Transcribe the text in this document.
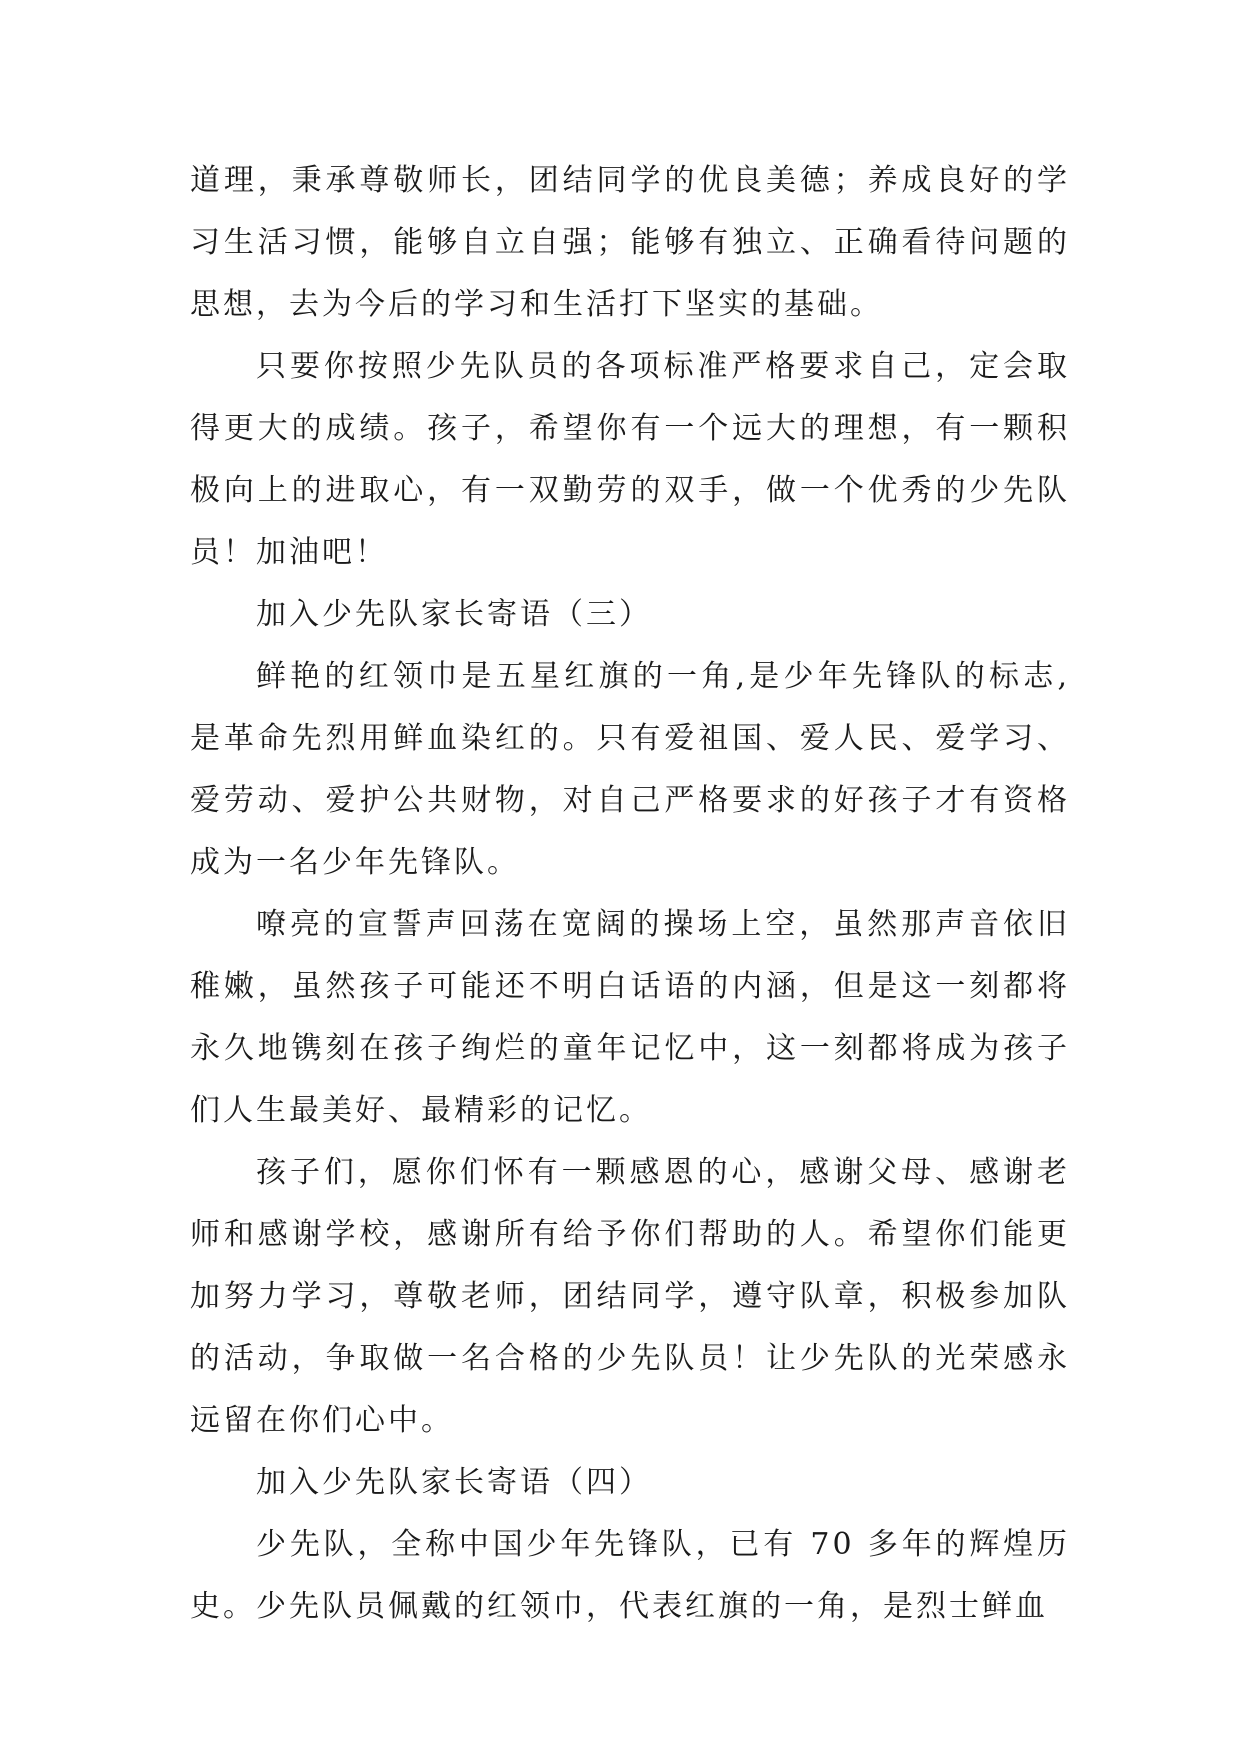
道理，秉承尊敬师长，团结同学的优良美德；养成良好的学习生活习惯，能够自立自强；能够有独立、正确看待问题的思想，去为今后的学习和生活打下坚实的基础。

只要你按照少先队员的各项标准严格要求自己，定会取得更大的成绩。孩子，希望你有一个远大的理想，有一颗积极向上的进取心，有一双勤劳的双手，做一个优秀的少先队员！加油吧！

加入少先队家长寄语（三）

鲜艳的红领巾是五星红旗的一角,是少年先锋队的标志,是革命先烈用鲜血染红的。只有爱祖国、爱人民、爱学习、爱劳动、爱护公共财物，对自己严格要求的好孩子才有资格成为一名少年先锋队。

嘹亮的宣誓声回荡在宽阔的操场上空，虽然那声音依旧稚嫩，虽然孩子可能还不明白话语的内涵，但是这一刻都将永久地镌刻在孩子绚烂的童年记忆中，这一刻都将成为孩子们人生最美好、最精彩的记忆。

孩子们，愿你们怀有一颗感恩的心，感谢父母、感谢老师和感谢学校，感谢所有给予你们帮助的人。希望你们能更加努力学习，尊敬老师，团结同学，遵守队章，积极参加队的活动，争取做一名合格的少先队员！让少先队的光荣感永远留在你们心中。

加入少先队家长寄语（四）

少先队，全称中国少年先锋队，已有 70 多年的辉煌历史。少先队员佩戴的红领巾，代表红旗的一角，是烈士鲜血
